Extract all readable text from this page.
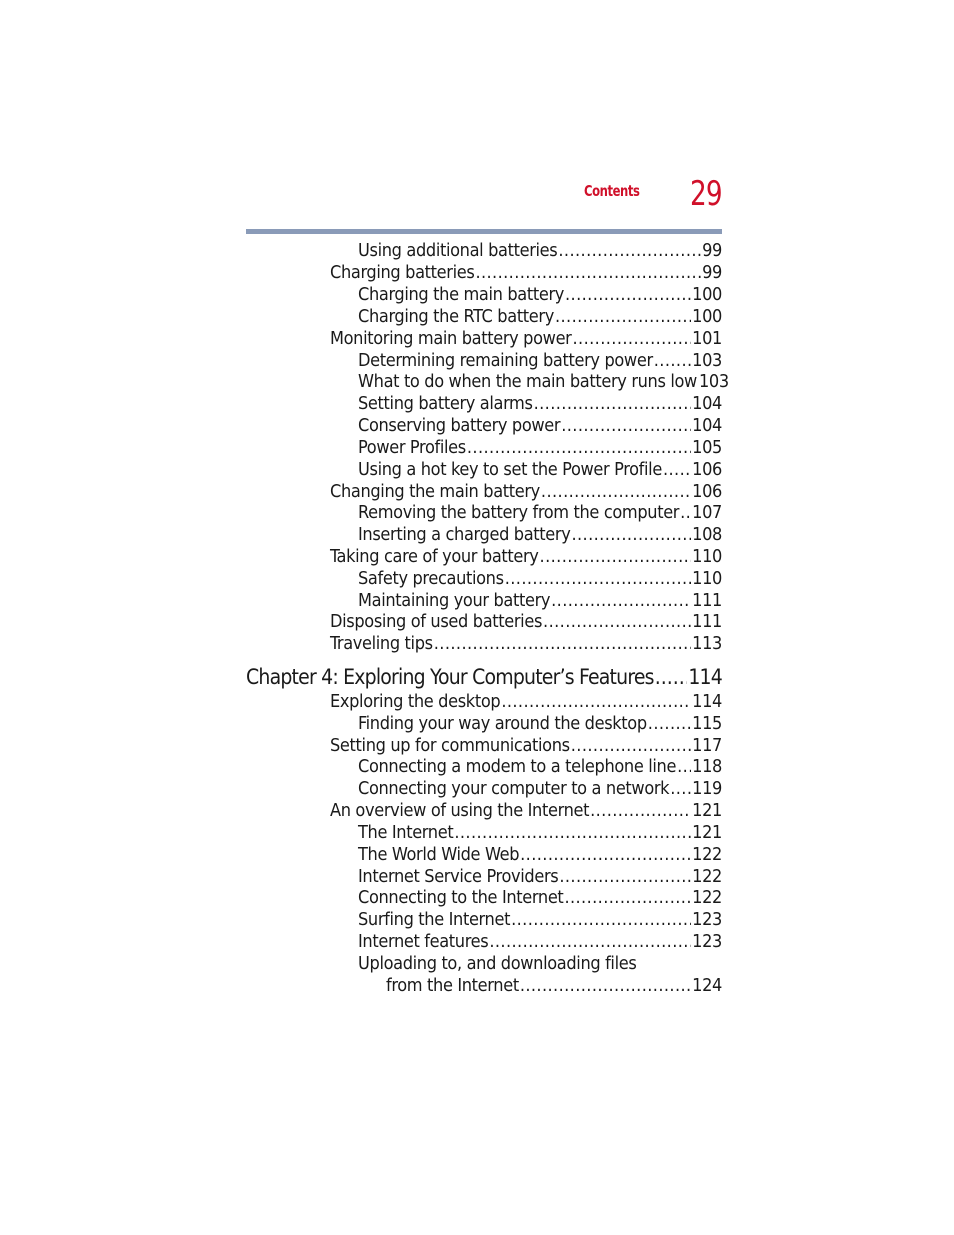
Contents 29
Using additional batteries .....	99
Charging batteries .....	99
Charging the main battery .....	100
Charging the RTC battery .....	100
Monitoring main battery power .....	101
Determining remaining battery power ..... 103
What to do when the main battery runs low 103
Setting battery alarms .....	104
Conserving battery power .....	104
Power Profiles .....	105
Using a hot key to set the Power Profile ..... 106
Changing the main battery .....	106
Removing the battery from the computer ..... 107
Inserting a charged battery .....	108
Taking care of your battery .....	110
Safety precautions .....	110
Maintaining your battery .....	111
Disposing of used batteries .....	111
Traveling tips .....	113
Chapter 4: Exploring Your Computer’s Features ..... 114
Exploring the desktop .....	114
Finding your way around the desktop .....	115
Setting up for communications .....	117
Connecting a modem to a telephone line ..... 118
Connecting your computer to a network ..... 119
An overview of using the Internet .....	121
The Internet .....	121
The World Wide Web .....	122
Internet Service Providers .....	122
Connecting to the Internet .....	122
Surfing the Internet .....	123
Internet features .....	123
Uploading to, and downloading files
from the Internet .....	124
